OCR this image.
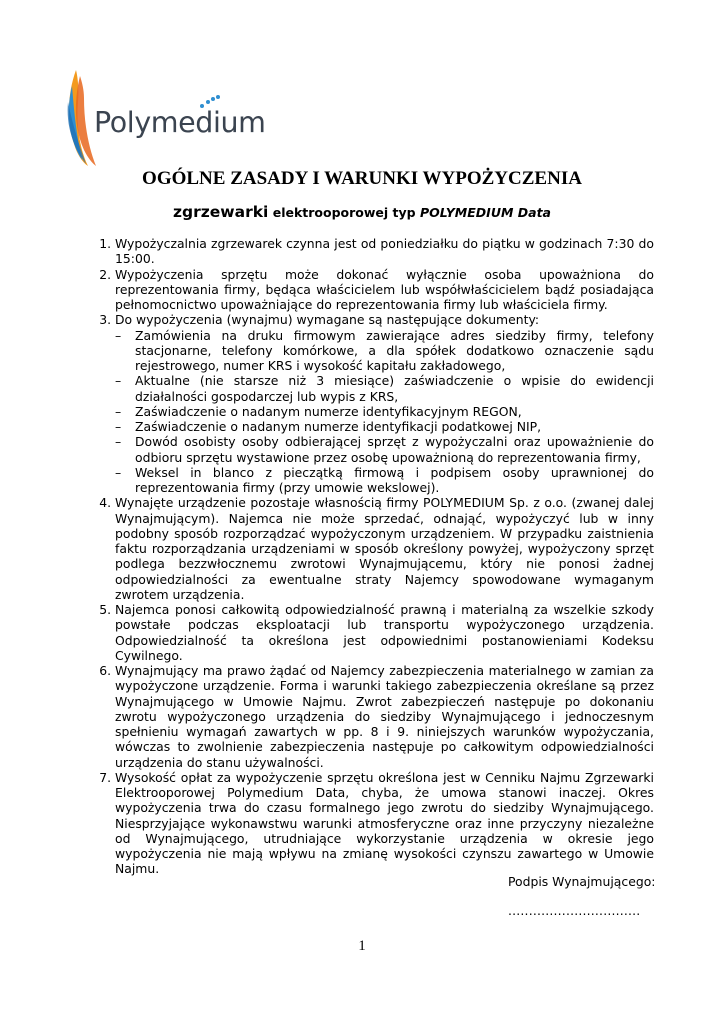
Polymedium
OGÓLNE ZASADY I WARUNKI WYPOŻYCZENIA
zgrzewarki elektrooporowej typ POLYMEDIUM Data
1. Wypożyczalnia zgrzewarek czynna jest od poniedziałku do piątku w godzinach 7:30 do 15:00.
2. Wypożyczenia sprzętu może dokonać wyłącznie osoba upoważniona do reprezentowania firmy, będąca właścicielem lub współwłaścicielem bądź posiadająca pełnomocnictwo upoważniające do reprezentowania firmy lub właściciela firmy.
3. Do wypożyczenia (wynajmu) wymagane są następujące dokumenty:
– Zamówienia na druku firmowym zawierające adres siedziby firmy, telefony stacjonarne, telefony komórkowe, a dla spółek dodatkowo oznaczenie sądu rejestrowego, numer KRS i wysokość kapitału zakładowego,
– Aktualne (nie starsze niż 3 miesiące) zaświadczenie o wpisie do ewidencji działalności gospodarczej lub wypis z KRS,
– Zaświadczenie o nadanym numerze identyfikacyjnym REGON,
– Zaświadczenie o nadanym numerze identyfikacji podatkowej NIP,
– Dowód osobisty osoby odbierającej sprzęt z wypożyczalni oraz upoważnienie do odbioru sprzętu wystawione przez osobę upoważnioną do reprezentowania firmy,
– Weksel in blanco z pieczątką firmową i podpisem osoby uprawnionej do reprezentowania firmy (przy umowie wekslowej).
4. Wynajęte urządzenie pozostaje własnością firmy POLYMEDIUM Sp. z o.o. (zwanej dalej Wynajmującym). Najemca nie może sprzedać, odnająć, wypożyczyć lub w inny podobny sposób rozporządzać wypożyczonym urządzeniem. W przypadku zaistnienia faktu rozporządzania urządzeniami w sposób określony powyżej, wypożyczony sprzęt podlega bezzwłocznemu zwrotowi Wynajmującemu, który nie ponosi żadnej odpowiedzialności za ewentualne straty Najemcy spowodowane wymaganym zwrotem urządzenia.
5. Najemca ponosi całkowitą odpowiedzialność prawną i materialną za wszelkie szkody powstałe podczas eksploatacji lub transportu wypożyczonego urządzenia. Odpowiedzialność ta określona jest odpowiednimi postanowieniami Kodeksu Cywilnego.
6. Wynajmujący ma prawo żądać od Najemcy zabezpieczenia materialnego w zamian za wypożyczone urządzenie. Forma i warunki takiego zabezpieczenia określane są przez Wynajmującego w Umowie Najmu. Zwrot zabezpieczeń następuje po dokonaniu zwrotu wypożyczonego urządzenia do siedziby Wynajmującego i jednoczesnym spełnieniu wymagań zawartych w pp. 8 i 9. niniejszych warunków wypożyczania, wówczas to zwolnienie zabezpieczenia następuje po całkowitym odpowiedzialności urządzenia do stanu używalności.
7. Wysokość opłat za wypożyczenie sprzętu określona jest w Cenniku Najmu Zgrzewarki Elektrooporowej Polymedium Data, chyba, że umowa stanowi inaczej. Okres wypożyczenia trwa do czasu formalnego jego zwrotu do siedziby Wynajmującego. Niesprzyjające wykonawstwu warunki atmosferyczne oraz inne przyczyny niezależne od Wynajmującego, utrudniające wykorzystanie urządzenia w okresie jego wypożyczenia nie mają wpływu na zmianę wysokości czynszu zawartego w Umowie Najmu.
Podpis Wynajmującego:
................................
1
